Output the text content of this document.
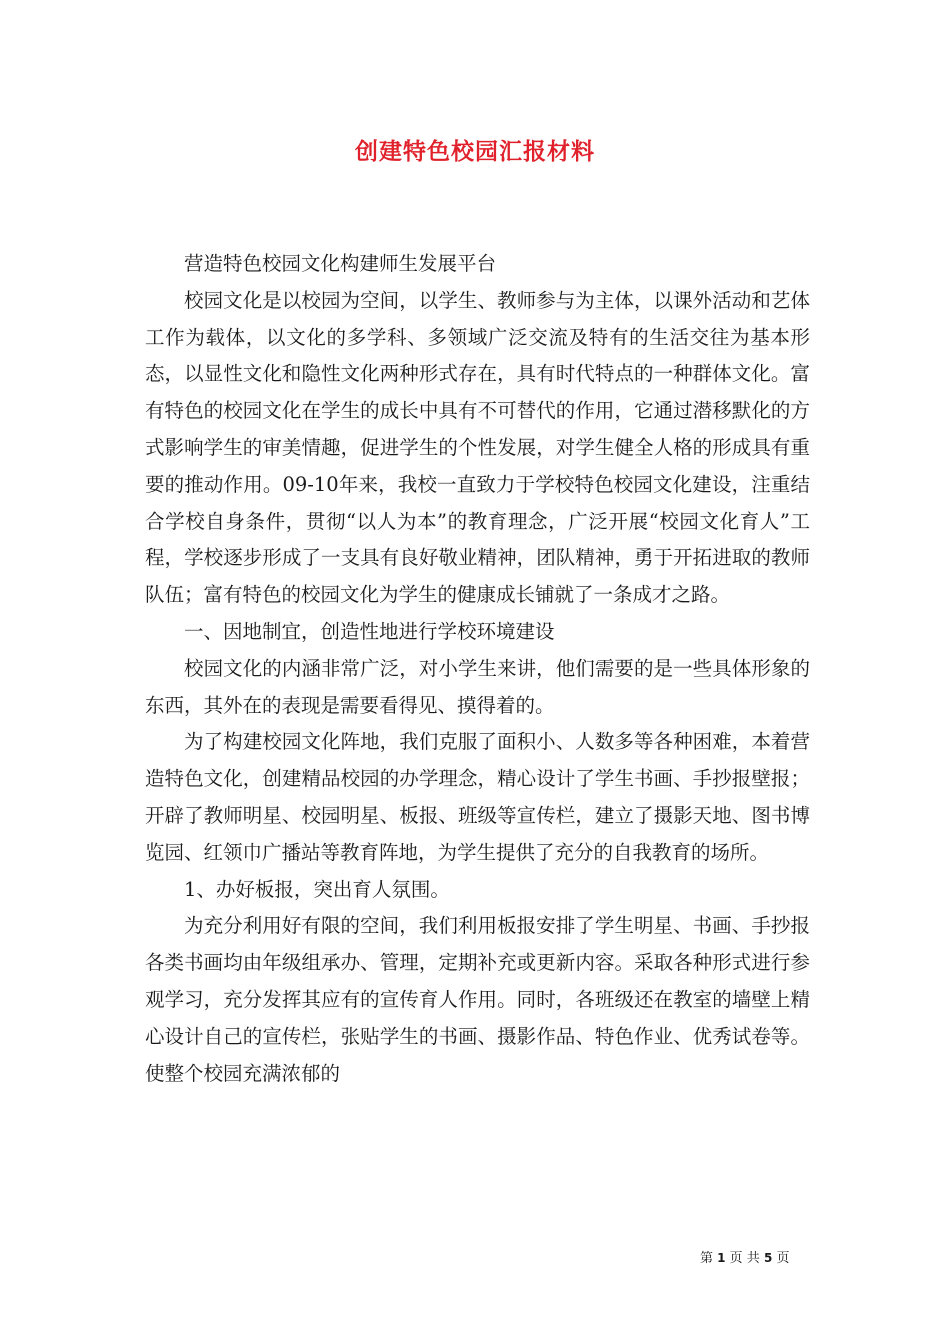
创建特色校园汇报材料

营造特色校园文化构建师生发展平台

校园文化是以校园为空间，以学生、教师参与为主体，以课外活动和艺体工作为载体，以文化的多学科、多领域广泛交流及特有的生活交往为基本形态，以显性文化和隐性文化两种形式存在，具有时代特点的一种群体文化。富有特色的校园文化在学生的成长中具有不可替代的作用，它通过潜移默化的方式影响学生的审美情趣，促进学生的个性发展，对学生健全人格的形成具有重要的推动作用。09-10年来，我校一直致力于学校特色校园文化建设，注重结合学校自身条件，贯彻“以人为本”的教育理念，广泛开展“校园文化育人”工程，学校逐步形成了一支具有良好敬业精神，团队精神，勇于开拓进取的教师队伍；富有特色的校园文化为学生的健康成长铺就了一条成才之路。

一、因地制宜，创造性地进行学校环境建设

校园文化的内涵非常广泛，对小学生来讲，他们需要的是一些具体形象的东西，其外在的表现是需要看得见、摸得着的。

为了构建校园文化阵地，我们克服了面积小、人数多等各种困难，本着营造特色文化，创建精品校园的办学理念，精心设计了学生书画、手抄报壁报；开辟了教师明星、校园明星、板报、班级等宣传栏，建立了摄影天地、图书博览园、红领巾广播站等教育阵地，为学生提供了充分的自我教育的场所。

1、办好板报，突出育人氛围。

为充分利用好有限的空间，我们利用板报安排了学生明星、书画、手抄报各类书画均由年级组承办、管理，定期补充或更新内容。采取各种形式进行参观学习，充分发挥其应有的宣传育人作用。同时，各班级还在教室的墙壁上精心设计自己的宣传栏，张贴学生的书画、摄影作品、特色作业、优秀试卷等。使整个校园充满浓郁的

第 1 页 共 5 页
